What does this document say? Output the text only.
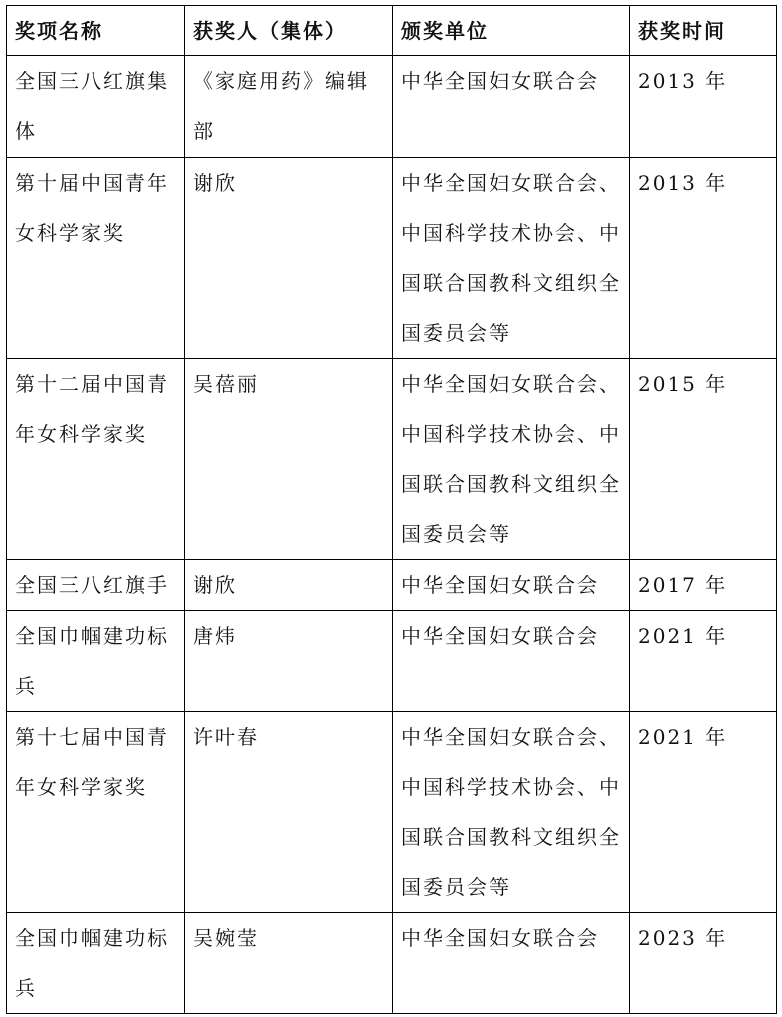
奖项名称	获奖人（集体）	颁奖单位	获奖时间
全国三八红旗集体	《家庭用药》编辑部	中华全国妇女联合会	2013 年
第十届中国青年女科学家奖	谢欣	中华全国妇女联合会、中国科学技术协会、中国联合国教科文组织全国委员会等	2013 年
第十二届中国青年女科学家奖	吴蓓丽	中华全国妇女联合会、中国科学技术协会、中国联合国教科文组织全国委员会等	2015 年
全国三八红旗手	谢欣	中华全国妇女联合会	2017 年
全国巾帼建功标兵	唐炜	中华全国妇女联合会	2021 年
第十七届中国青年女科学家奖	许叶春	中华全国妇女联合会、中国科学技术协会、中国联合国教科文组织全国委员会等	2021 年
全国巾帼建功标兵	吴婉莹	中华全国妇女联合会	2023 年
